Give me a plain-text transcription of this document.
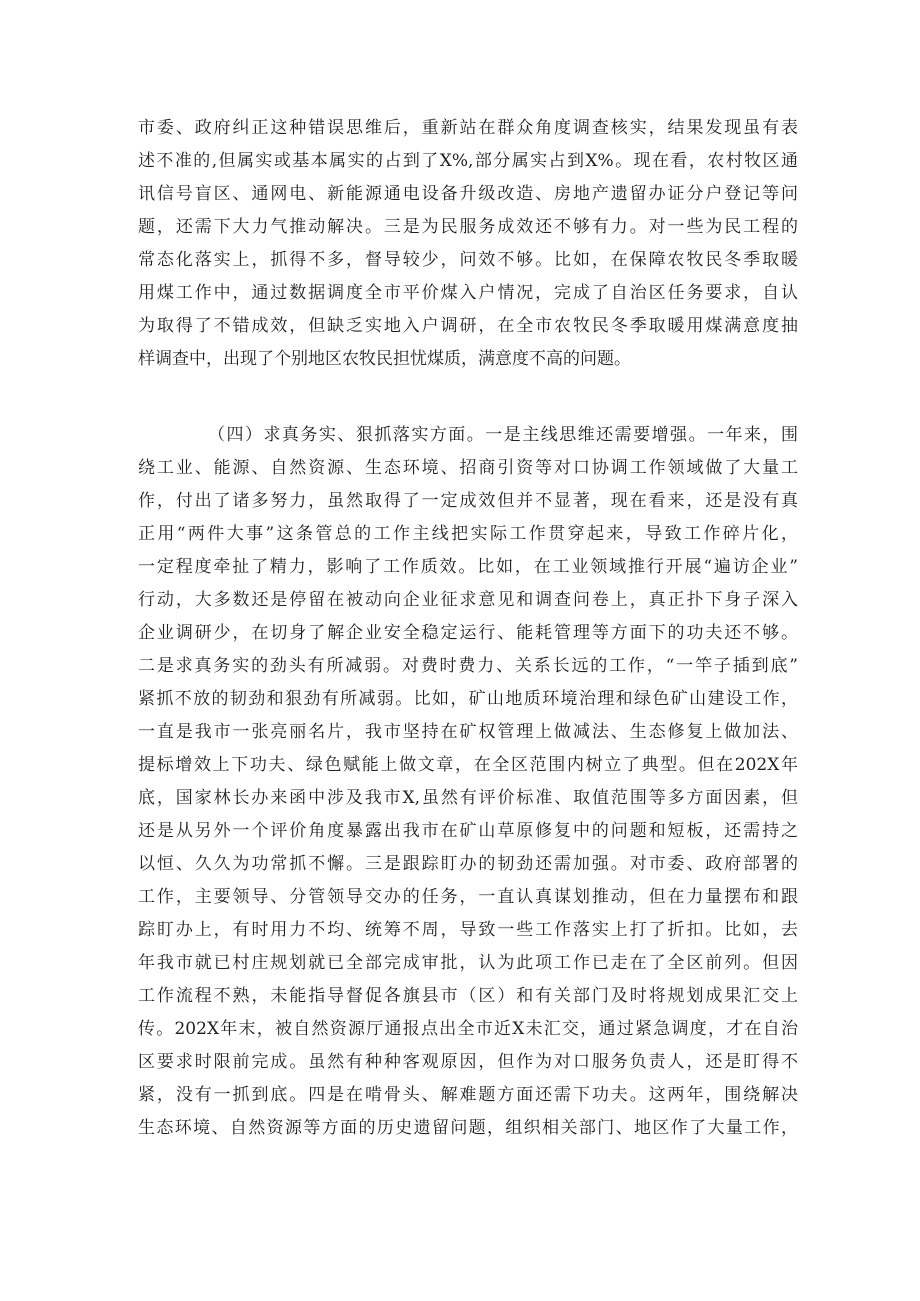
市委、政府纠正这种错误思维后，重新站在群众角度调查核实，结果发现虽有表
述不准的,但属实或基本属实的占到了X%,部分属实占到X%。现在看，农村牧区通
讯信号盲区、通网电、新能源通电设备升级改造、房地产遗留办证分户登记等问
题，还需下大力气推动解决。三是为民服务成效还不够有力。对一些为民工程的
常态化落实上，抓得不多，督导较少，问效不够。比如，在保障农牧民冬季取暖
用煤工作中，通过数据调度全市平价煤入户情况，完成了自治区任务要求，自认
为取得了不错成效，但缺乏实地入户调研，在全市农牧民冬季取暖用煤满意度抽
样调查中，出现了个别地区农牧民担忧煤质，满意度不高的问题。
（四）求真务实、狠抓落实方面。一是主线思维还需要增强。一年来，围
绕工业、能源、自然资源、生态环境、招商引资等对口协调工作领域做了大量工
作，付出了诸多努力，虽然取得了一定成效但并不显著，现在看来，还是没有真
正用“两件大事”这条管总的工作主线把实际工作贯穿起来，导致工作碎片化，
一定程度牵扯了精力，影响了工作质效。比如，在工业领域推行开展“遍访企业”
行动，大多数还是停留在被动向企业征求意见和调查问卷上，真正扑下身子深入
企业调研少，在切身了解企业安全稳定运行、能耗管理等方面下的功夫还不够。
二是求真务实的劲头有所减弱。对费时费力、关系长远的工作，“一竿子插到底”
紧抓不放的韧劲和狠劲有所减弱。比如，矿山地质环境治理和绿色矿山建设工作，
一直是我市一张亮丽名片，我市坚持在矿权管理上做减法、生态修复上做加法、
提标增效上下功夫、绿色赋能上做文章，在全区范围内树立了典型。但在202X年
底，国家林长办来函中涉及我市X,虽然有评价标准、取值范围等多方面因素，但
还是从另外一个评价角度暴露出我市在矿山草原修复中的问题和短板，还需持之
以恒、久久为功常抓不懈。三是跟踪盯办的韧劲还需加强。对市委、政府部署的
工作，主要领导、分管领导交办的任务，一直认真谋划推动，但在力量摆布和跟
踪盯办上，有时用力不均、统筹不周，导致一些工作落实上打了折扣。比如，去
年我市就已村庄规划就已全部完成审批，认为此项工作已走在了全区前列。但因
工作流程不熟，未能指导督促各旗县市（区）和有关部门及时将规划成果汇交上
传。202X年末，被自然资源厅通报点出全市近X未汇交，通过紧急调度，才在自治
区要求时限前完成。虽然有种种客观原因，但作为对口服务负责人，还是盯得不
紧，没有一抓到底。四是在啃骨头、解难题方面还需下功夫。这两年，围绕解决
生态环境、自然资源等方面的历史遗留问题，组织相关部门、地区作了大量工作，
